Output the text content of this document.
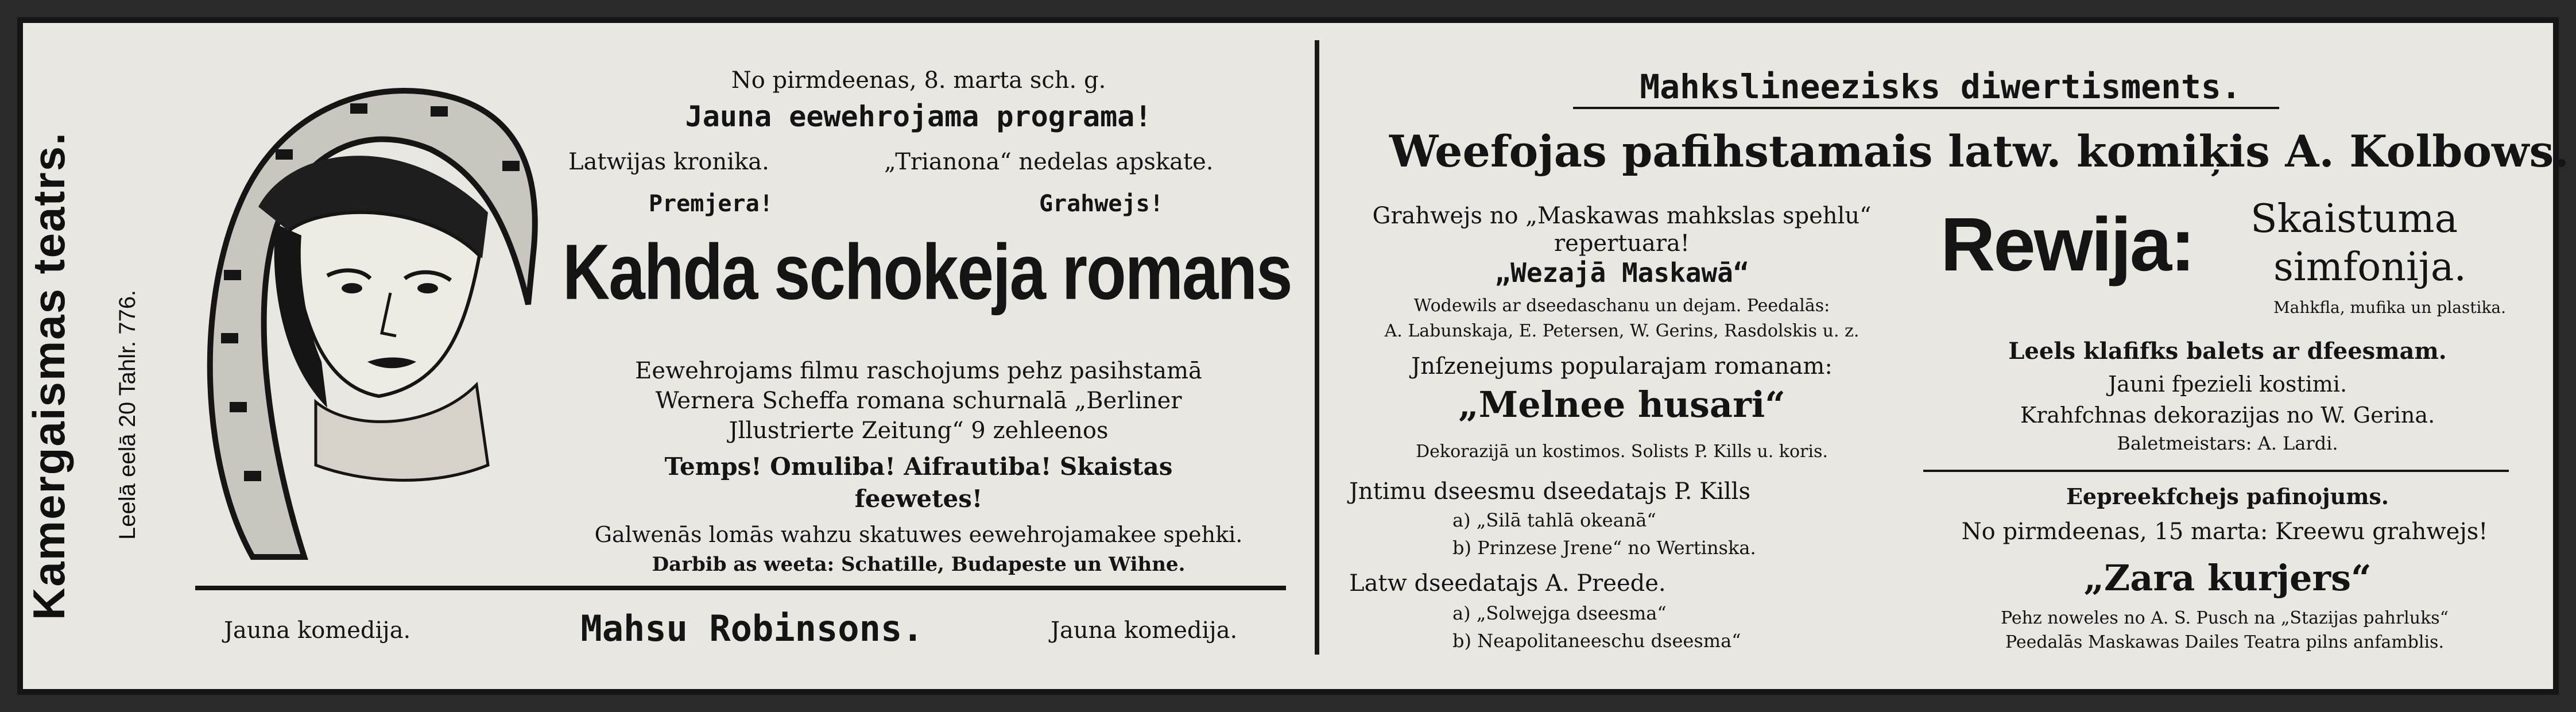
Kamergaismas teatrs. Leelā eelā 20 Tahlr. 776.
No pirmdeenas, 8. marta sch. g.
Jauna eewehrojama programa!
Latwijas kronika.	„Trianona“ nedelas apskate.
Premjera!	Grahwejs!
Kahda schokeja romans
Eewehrojams filmu raschojums pehz pasihstamā
Wernera Scheffa romana schurnalā „Berliner
Jllustrierte Zeitung“ 9 zehleenos
Temps! Omuliba! Aifrautiba! Skaistas
feewetes!
Galwenās lomās wahzu skatuwes eewehrojamakee spehki.
Darbib as weeta: Schatille, Budapeste un Wihne.
Jauna komedija.	Mahsu Robinsons.	Jauna komedija.
Mahkslineezisks diwertisments.
Weefojas pafihstamais latw. komiķis A. Kolbows.
Grahwejs no „Maskawas mahkslas spehlu“
repertuara!
„Wezajā Maskawā“
Wodewils ar dseedaschanu un dejam. Peedalās:
A. Labunskaja, E. Petersen, W. Gerins, Rasdolskis u. z.
Jnſzenejums popularajam romanam:
„Melnee husari“
Dekorazijā un kostimos. Solists P. Kills u. koris.
Jntimu dseesmu dseedatajs P. Kills
a) „Silā tahlā okeanā“
b) Prinzese Jrene“ no Wertinska.
Latw dseedatajs A. Preede.
a) „Solwejga dseesma“
b) Neapolitaneeschu dseesma“
Rewija:	Skaistuma
simfonija.
Mahkfla, mufika un plastika.
Leels klafifks balets ar dfeesmam.
Jauni fpezieli kostimi.
Krahfchnas dekorazijas no W. Gerina.
Baletmeistars: A. Lardi.
Eepreekfchejs pafinojums.
No pirmdeenas, 15 marta: Kreewu grahwejs!
„Zara kurjers“
Pehz noweles no A. S. Pusch na „Stazijas pahrluks“
Peedalās Maskawas Dailes Teatra pilns anfamblis.
